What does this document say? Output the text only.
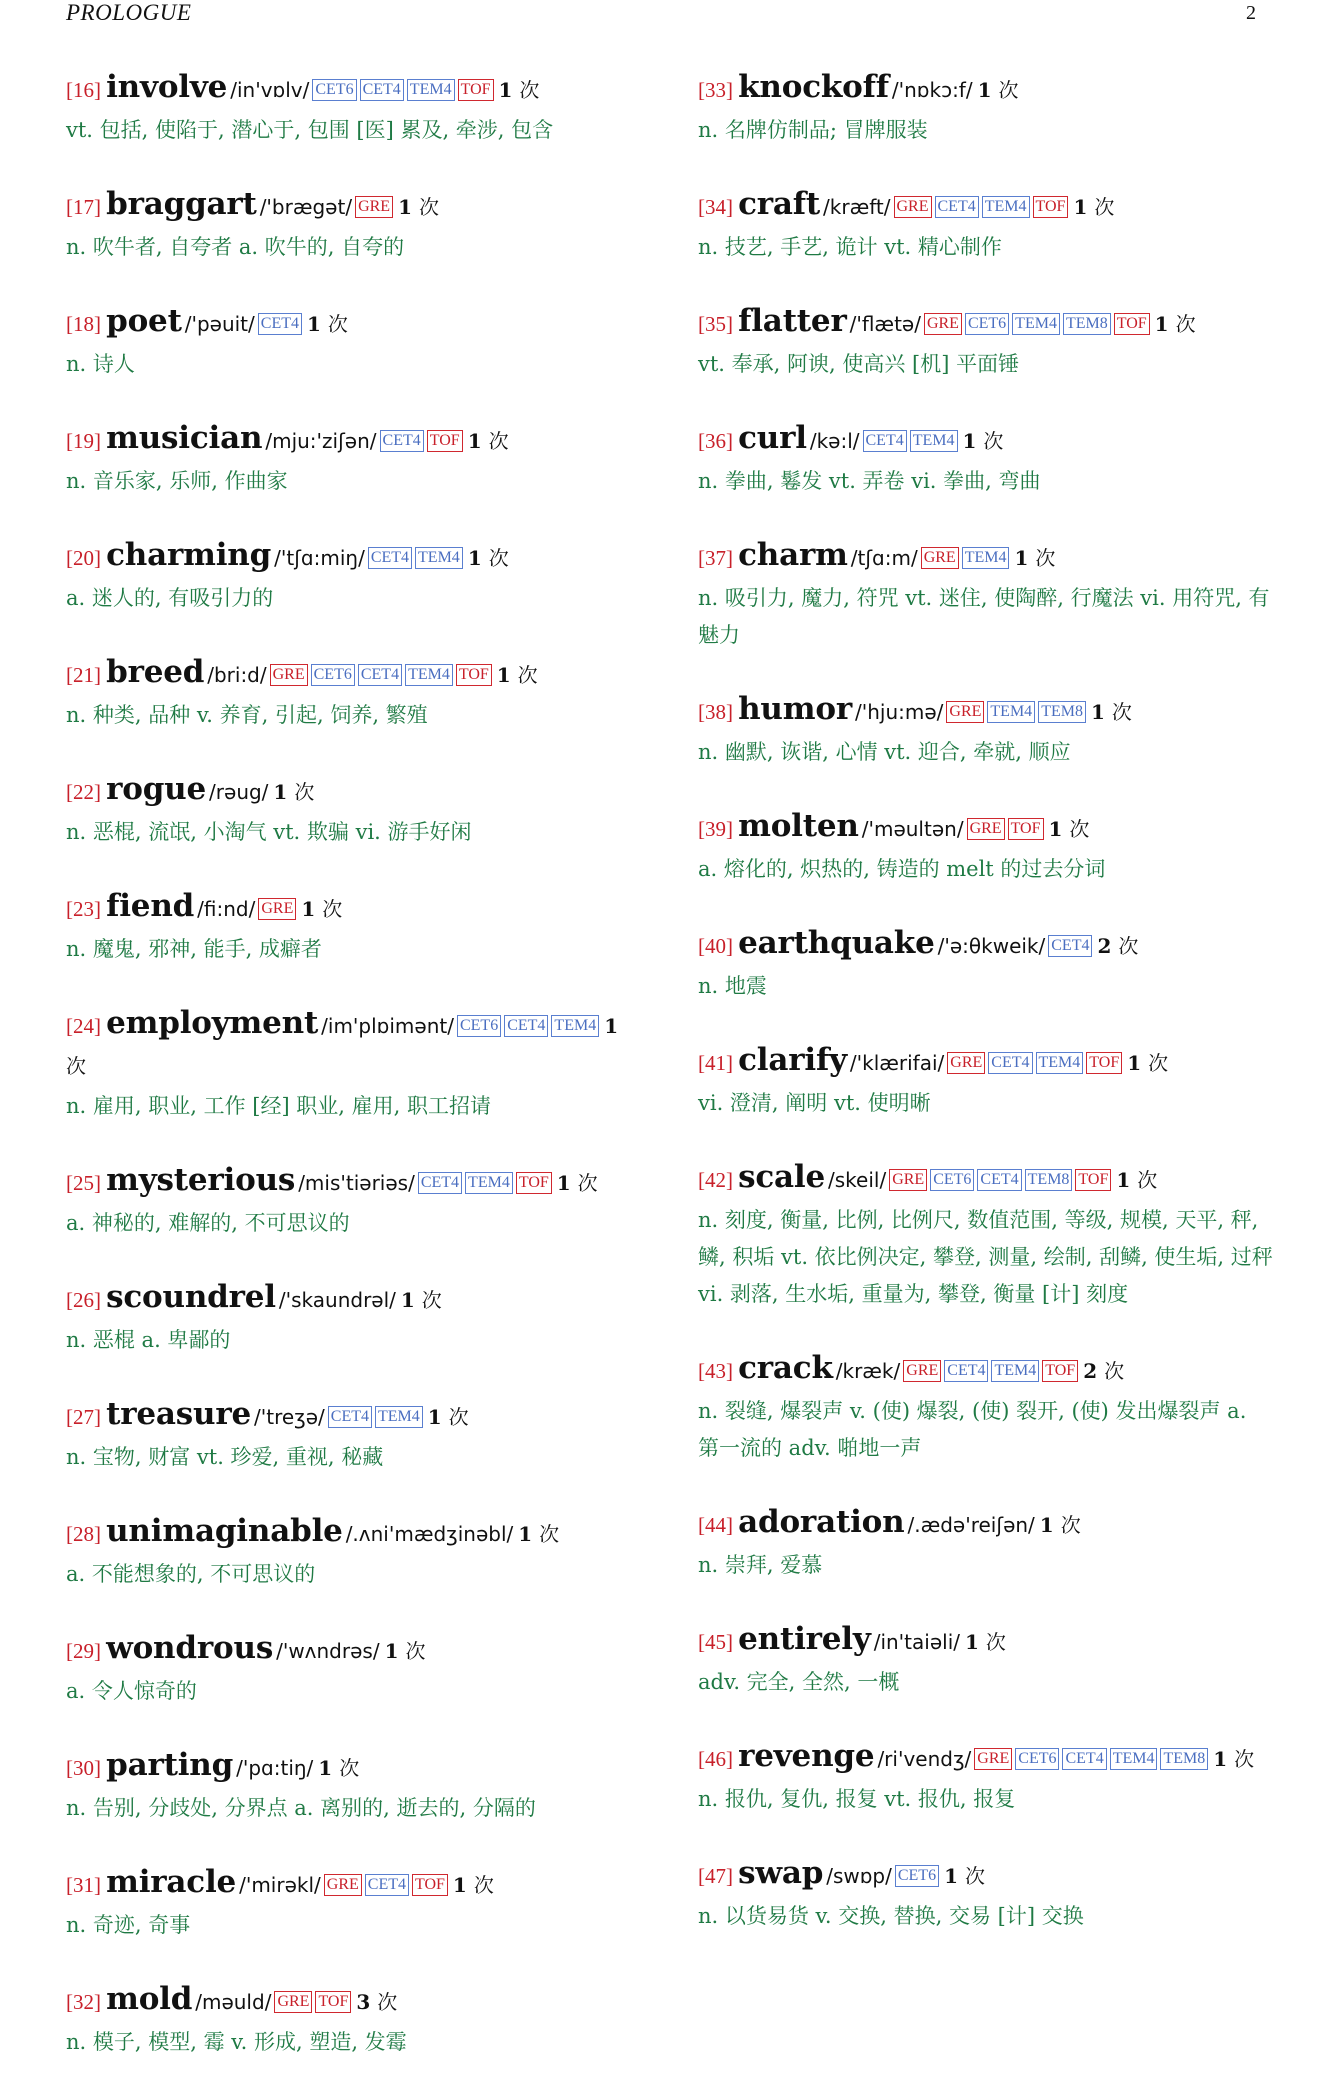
PROLOGUE	2
[16] involve /in'vɒlv/ CET6 CET4 TEM4 TOF 1 次
vt. 包括, 使陷于, 潜心于, 包围 [医] 累及, 牵涉, 包含
[17] braggart /'brægət/ GRE 1 次
n. 吹牛者, 自夸者 a. 吹牛的, 自夸的
[18] poet /'pəuit/ CET4 1 次
n. 诗人
[19] musician /mju:'ziʃən/ CET4 TOF 1 次
n. 音乐家, 乐师, 作曲家
[20] charming /'tʃɑ:miŋ/ CET4 TEM4 1 次
a. 迷人的, 有吸引力的
[21] breed /bri:d/ GRE CET6 CET4 TEM4 TOF 1 次
n. 种类, 品种 v. 养育, 引起, 饲养, 繁殖
[22] rogue /rəug/ 1 次
n. 恶棍, 流氓, 小淘气 vt. 欺骗 vi. 游手好闲
[23] fiend /fi:nd/ GRE 1 次
n. 魔鬼, 邪神, 能手, 成癖者
[24] employment /im'plɒimənt/ CET6 CET4 TEM4 1 次
n. 雇用, 职业, 工作 [经] 职业, 雇用, 职工招请
[25] mysterious /mis'tiəriəs/ CET4 TEM4 TOF 1 次
a. 神秘的, 难解的, 不可思议的
[26] scoundrel /'skaundrəl/ 1 次
n. 恶棍 a. 卑鄙的
[27] treasure /'treʒə/ CET4 TEM4 1 次
n. 宝物, 财富 vt. 珍爱, 重视, 秘藏
[28] unimaginable /.ʌni'mædʒinəbl/ 1 次
a. 不能想象的, 不可思议的
[29] wondrous /'wʌndrəs/ 1 次
a. 令人惊奇的
[30] parting /'pɑ:tiŋ/ 1 次
n. 告别, 分歧处, 分界点 a. 离别的, 逝去的, 分隔的
[31] miracle /'mirəkl/ GRE CET4 TOF 1 次
n. 奇迹, 奇事
[32] mold /məuld/ GRE TOF 3 次
n. 模子, 模型, 霉 v. 形成, 塑造, 发霉
[33] knockoff /'nɒkɔ:f/ 1 次
n. 名牌仿制品; 冒牌服装
[34] craft /kræft/ GRE CET4 TEM4 TOF 1 次
n. 技艺, 手艺, 诡计 vt. 精心制作
[35] flatter /'flætə/ GRE CET6 TEM4 TEM8 TOF 1 次
vt. 奉承, 阿谀, 使高兴 [机] 平面锤
[36] curl /kə:l/ CET4 TEM4 1 次
n. 拳曲, 鬈发 vt. 弄卷 vi. 拳曲, 弯曲
[37] charm /tʃɑ:m/ GRE TEM4 1 次
n. 吸引力, 魔力, 符咒 vt. 迷住, 使陶醉, 行魔法 vi. 用符咒, 有魅力
[38] humor /'hju:mə/ GRE TEM4 TEM8 1 次
n. 幽默, 诙谐, 心情 vt. 迎合, 牵就, 顺应
[39] molten /'məultən/ GRE TOF 1 次
a. 熔化的, 炽热的, 铸造的 melt 的过去分词
[40] earthquake /'ə:θkweik/ CET4 2 次
n. 地震
[41] clarify /'klærifai/ GRE CET4 TEM4 TOF 1 次
vi. 澄清, 阐明 vt. 使明晰
[42] scale /skeil/ GRE CET6 CET4 TEM8 TOF 1 次
n. 刻度, 衡量, 比例, 比例尺, 数值范围, 等级, 规模, 天平, 秤, 鳞, 积垢 vt. 依比例决定, 攀登, 测量, 绘制, 刮鳞, 使生垢, 过秤 vi. 剥落, 生水垢, 重量为, 攀登, 衡量 [计] 刻度
[43] crack /kræk/ GRE CET4 TEM4 TOF 2 次
n. 裂缝, 爆裂声 v. (使) 爆裂, (使) 裂开, (使) 发出爆裂声 a. 第一流的 adv. 啪地一声
[44] adoration /.ædə'reiʃən/ 1 次
n. 崇拜, 爱慕
[45] entirely /in'taiəli/ 1 次
adv. 完全, 全然, 一概
[46] revenge /ri'vendʒ/ GRE CET6 CET4 TEM4 TEM8 1 次
n. 报仇, 复仇, 报复 vt. 报仇, 报复
[47] swap /swɒp/ CET6 1 次
n. 以货易货 v. 交换, 替换, 交易 [计] 交换
